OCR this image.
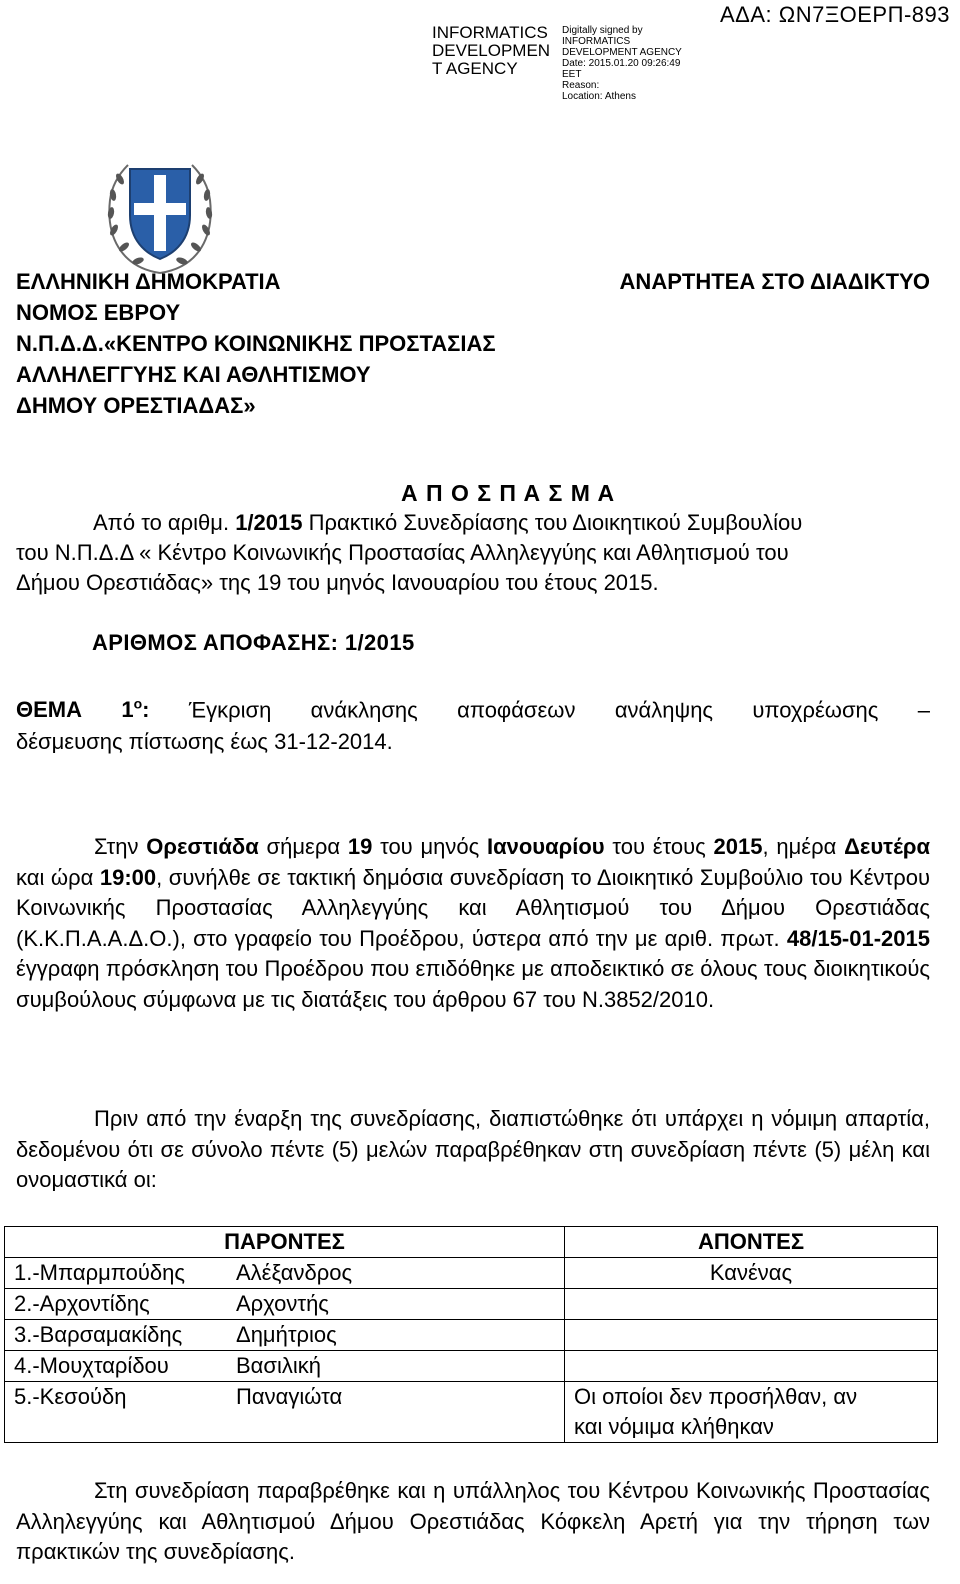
INFORMATICS
DEVELOPMEN
T AGENCY
Digitally signed by
INFORMATICS
DEVELOPMENT AGENCY
Date: 2015.01.20 09:26:49
EET
Reason:
Location: Athens
ΑΔΑ: ΩΝ7ΞΟΕΡΠ-893
ΕΛΛΗΝΙΚΗ ΔΗΜΟΚΡΑΤΙΑ
ΝΟΜΟΣ ΕΒΡΟΥ
Ν.Π.Δ.Δ.«ΚΕΝΤΡΟ ΚΟΙΝΩΝΙΚΗΣ ΠΡΟΣΤΑΣΙΑΣ
ΑΛΛΗΛΕΓΓΥΗΣ ΚΑΙ ΑΘΛΗΤΙΣΜΟΥ
ΔΗΜΟΥ ΟΡΕΣΤΙΑΔΑΣ»
ΑΝΑΡΤΗΤΕΑ ΣΤΟ ΔΙΑΔΙΚΤΥΟ
Α Π Ο Σ Π Α Σ Μ Α
Από το αριθμ. 1/2015 Πρακτικό Συνεδρίασης του Διοικητικού Συμβουλίου
του Ν.Π.Δ.Δ « Κέντρο Κοινωνικής Προστασίας Αλληλεγγύης και Αθλητισμού του
Δήμου Ορεστιάδας» της 19 του μηνός Ιανουαρίου του έτους 2015.
ΑΡΙΘΜΟΣ ΑΠΟΦΑΣΗΣ: 1/2015
ΘΕΜΑ $1^o$: Έγκριση ανάκλησης αποφάσεων ανάληψης υποχρέωσης –
δέσμευσης πίστωσης έως 31-12-2014.
Στην Ορεστιάδα σήμερα 19 του μηνός Ιανουαρίου του έτους 2015, ημέρα Δευτέρα και ώρα 19:00, συνήλθε σε τακτική δημόσια συνεδρίαση το Διοικητικό Συμβούλιο του Κέντρου Κοινωνικής Προστασίας Αλληλεγγύης και Αθλητισμού του Δήμου Ορεστιάδας (Κ.Κ.Π.Α.Α.Δ.Ο.), στο γραφείο του Προέδρου, ύστερα από την με αριθ. πρωτ. 48/15-01-2015 έγγραφη πρόσκληση του Προέδρου που επιδόθηκε με αποδεικτικό σε όλους τους διοικητικούς συμβούλους σύμφωνα με τις διατάξεις του άρθρου 67 του Ν.3852/2010.
Πριν από την έναρξη της συνεδρίασης, διαπιστώθηκε ότι υπάρχει η νόμιμη απαρτία, δεδομένου ότι σε σύνολο πέντε (5) μελών παραβρέθηκαν στη συνεδρίαση πέντε (5) μέλη και ονομαστικά οι:
ΠΑΡΟΝΤΕΣ	ΑΠΟΝΤΕΣ
1.-Μπαρμπούδης Αλέξανδρος	Κανένας
2.-Αρχοντίδης Αρχοντής	
3.-Βαρσαμακίδης Δημήτριος	
4.-Μουχταρίδου Βασιλική	
5.-Κεσούδη Παναγιώτα	Οι οποίοι δεν προσήλθαν, αν
και νόμιμα κλήθηκαν
Στη συνεδρίαση παραβρέθηκε και η υπάλληλος του Κέντρου Κοινωνικής Προστασίας Αλληλεγγύης και Αθλητισμού Δήμου Ορεστιάδας Κόφκελη Αρετή για την τήρηση των πρακτικών της συνεδρίασης.
